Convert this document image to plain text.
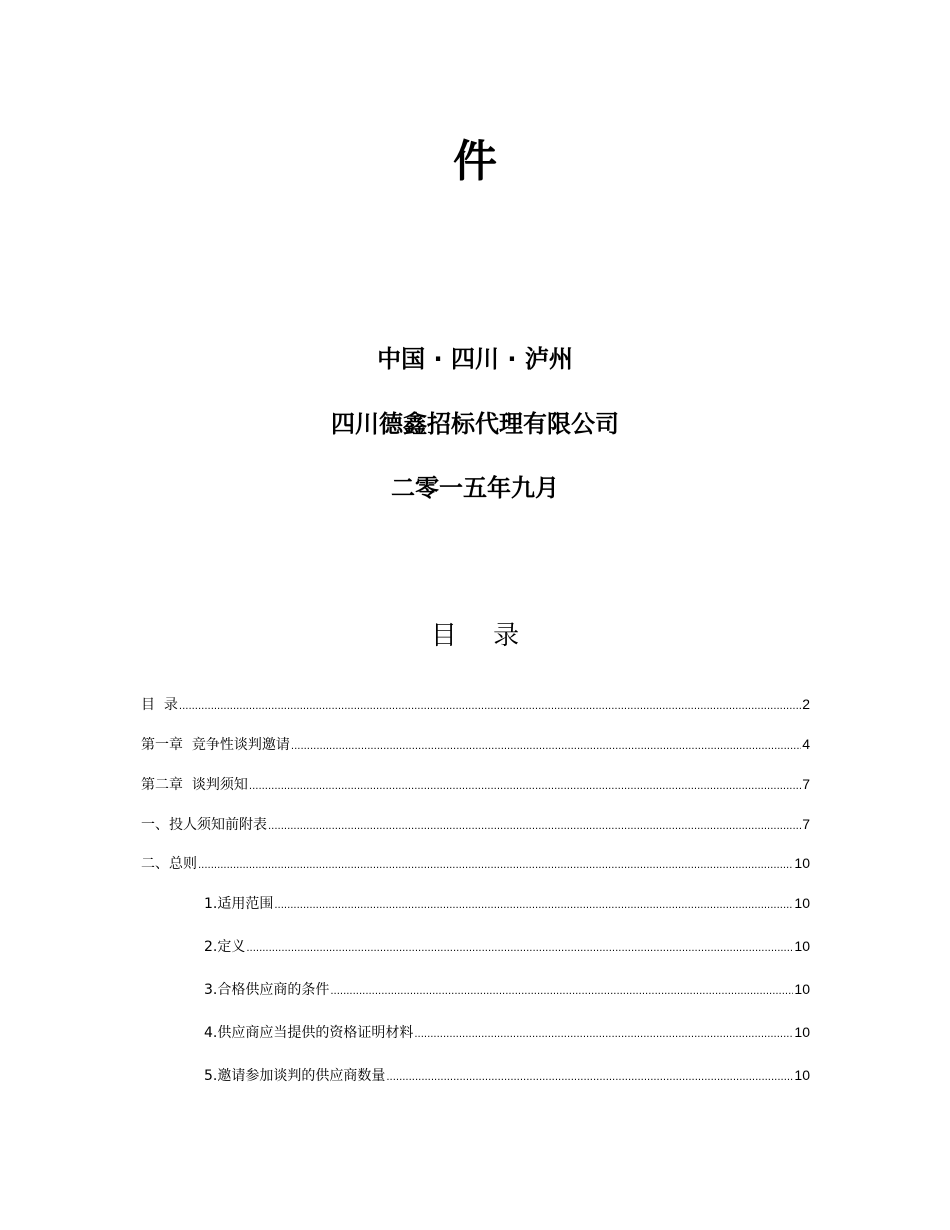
件
中国 · 四川 · 泸州
四川德鑫招标代理有限公司
二零一五年九月
目 录
目  录 .....	2
第一章  竞争性谈判邀请 .....	4
第二章  谈判须知 .....	7
一、投人须知前附表 .....	7
二、总则 .....	10
1.适用范围 .....	10
2.定义 .....	10
3.合格供应商的条件 .....	10
4.供应商应当提供的资格证明材料 .....	10
5.邀请参加谈判的供应商数量 .....	10
